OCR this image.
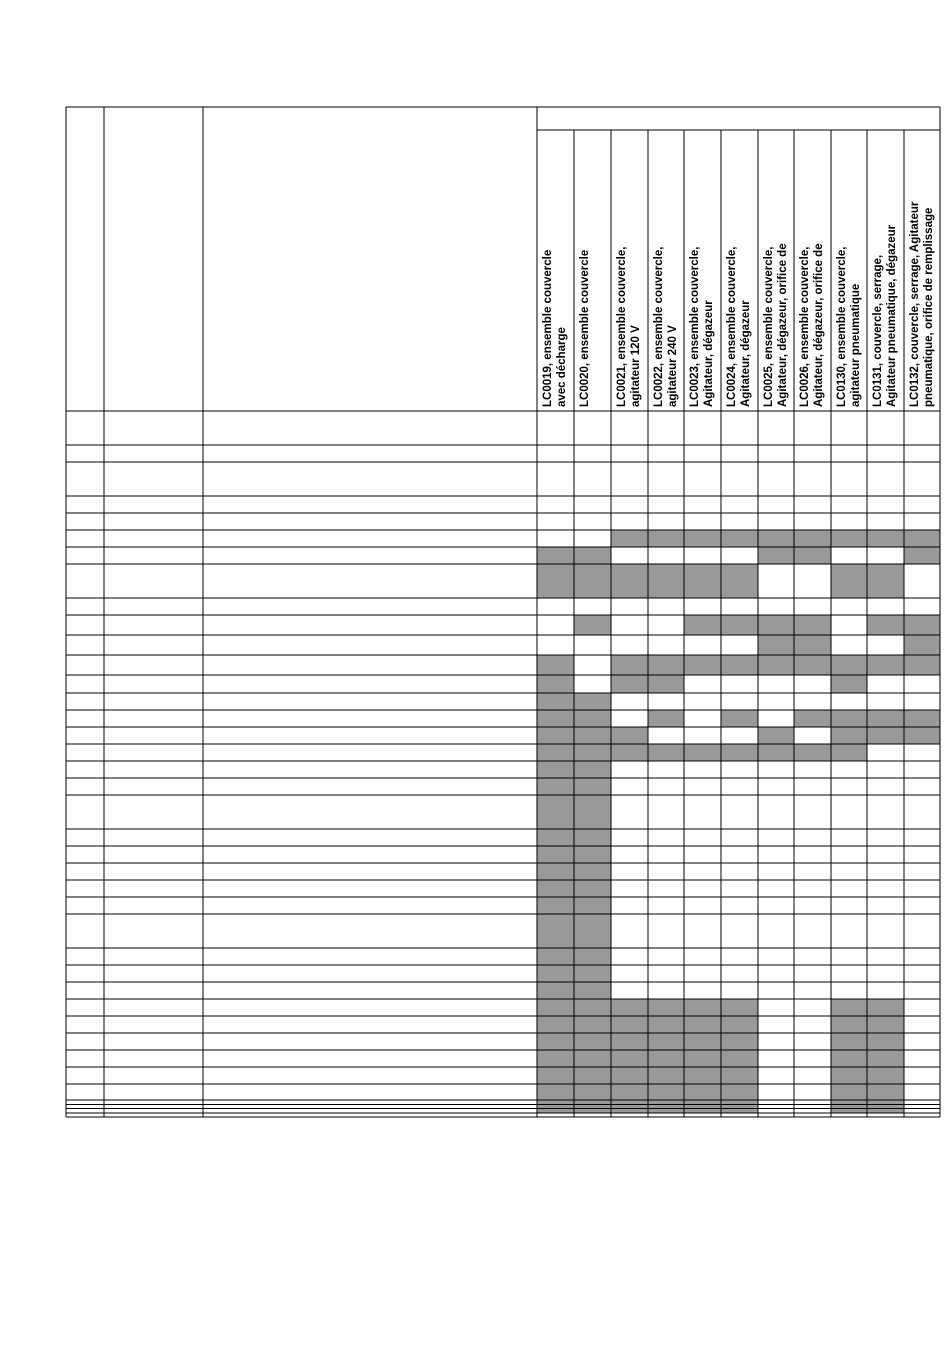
LC0019, ensemble couvercle avec décharge LC0020, ensemble couvercle LC0021, ensemble couvercle, agitateur 120 V LC0022, ensemble couvercle, agitateur 240 V LC0023, ensemble couvercle, Agitateur, dégazeur LC0024, ensemble couvercle, Agitateur, dégazeur LC0025, ensemble couvercle, Agitateur, dégazeur, orifice de LC0026, ensemble couvercle, Agitateur, dégazeur, orifice de LC0130, ensemble couvercle, agitateur pneumatique LC0131, couvercle, serrage, Agitateur pneumatique, dégazeur LC0132, couvercle, serrage, Agitateur pneumatique, orifice de remplissage
